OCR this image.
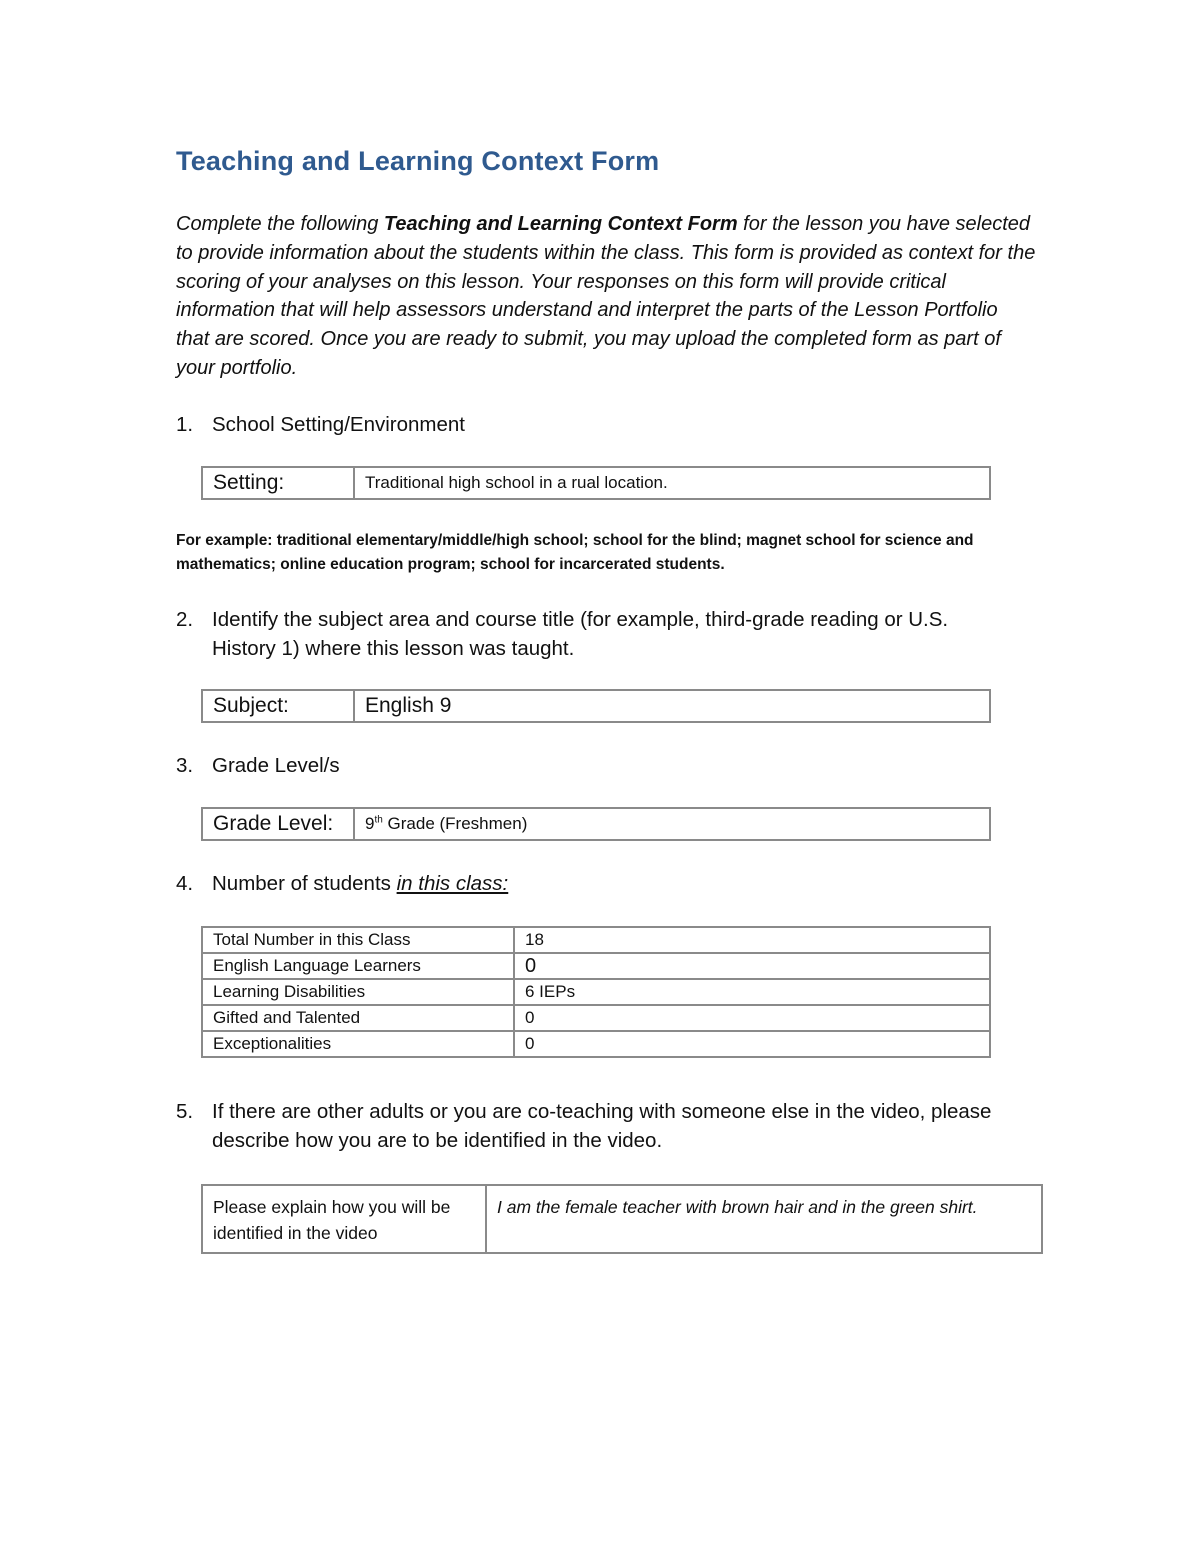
Teaching and Learning Context Form

Complete the following Teaching and Learning Context Form for the lesson you have selected to provide information about the students within the class. This form is provided as context for the scoring of your analyses on this lesson. Your responses on this form will provide critical information that will help assessors understand and interpret the parts of the Lesson Portfolio that are scored. Once you are ready to submit, you may upload the completed form as part of your portfolio.

1. School Setting/Environment
Setting:	Traditional high school in a rual location.

For example: traditional elementary/middle/high school; school for the blind; magnet school for science and mathematics; online education program; school for incarcerated students.

2. Identify the subject area and course title (for example, third-grade reading or U.S. History 1) where this lesson was taught.
Subject:	English 9
3. Grade Level/s
Grade Level:	9th Grade (Freshmen)
4. Number of students in this class:
Total Number in this Class	18
English Language Learners	0
Learning Disabilities	6 IEPs
Gifted and Talented	0
Exceptionalities	0
5. If there are other adults or you are co-teaching with someone else in the video, please describe how you are to be identified in the video.
Please explain how you will be identified in the video	I am the female teacher with brown hair and in the green shirt.
